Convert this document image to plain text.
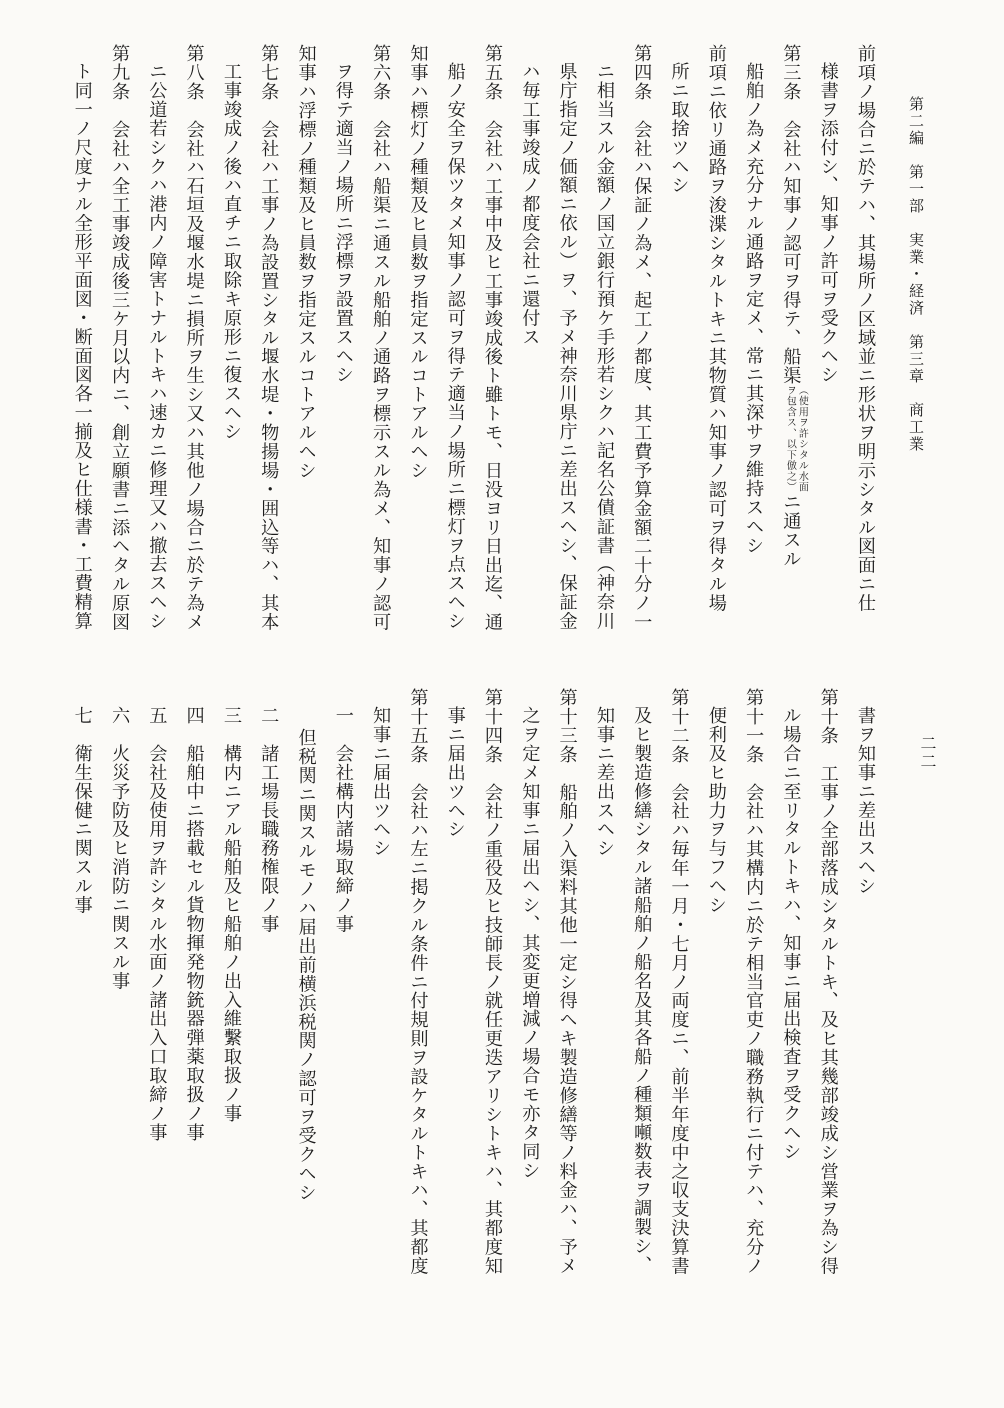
第二編　第一部　実業・経済　第三章　商工業
二二
前項ノ場合ニ於テハ、其場所ノ区域並ニ形状ヲ明示シタル図面ニ仕
様書ヲ添付シ、知事ノ許可ヲ受クヘシ
第三条　会社ハ知事ノ認可ヲ得テ、船渠
（使用ヲ許シタル水面
ヲ包含ス、以下倣之）
ニ通スル
船舶ノ為メ充分ナル通路ヲ定メ、常ニ其深サヲ維持スヘシ
前項ニ依リ通路ヲ浚渫シタルトキニ其物質ハ知事ノ認可ヲ得タル場
所ニ取捨ツヘシ
第四条　会社ハ保証ノ為メ、起工ノ都度、其工費予算金額二十分ノ一
ニ相当スル金額ノ国立銀行預ケ手形若シクハ記名公債証書（神奈川
県庁指定ノ価額ニ依ル）ヲ、予メ神奈川県庁ニ差出スヘシ、保証金
ハ毎工事竣成ノ都度会社ニ還付ス
第五条　会社ハ工事中及ヒ工事竣成後ト雖トモ、日没ヨリ日出迄、通
船ノ安全ヲ保ツタメ知事ノ認可ヲ得テ適当ノ場所ニ標灯ヲ点スヘシ
知事ハ標灯ノ種類及ヒ員数ヲ指定スルコトアルヘシ
第六条　会社ハ船渠ニ通スル船舶ノ通路ヲ標示スル為メ、知事ノ認可
ヲ得テ適当ノ場所ニ浮標ヲ設置スヘシ
知事ハ浮標ノ種類及ヒ員数ヲ指定スルコトアルヘシ
第七条　会社ハ工事ノ為設置シタル堰水堤・物揚場・囲込等ハ、其本
工事竣成ノ後ハ直チニ取除キ原形ニ復スヘシ
第八条　会社ハ石垣及堰水堤ニ損所ヲ生シ又ハ其他ノ場合ニ於テ為メ
ニ公道若シクハ港内ノ障害トナルトキハ速カニ修理又ハ撤去スヘシ
第九条　会社ハ全工事竣成後三ケ月以内ニ、創立願書ニ添ヘタル原図
ト同一ノ尺度ナル全形平面図・断面図各一揃及ヒ仕様書・工費精算
書ヲ知事ニ差出スヘシ
第十条　工事ノ全部落成シタルトキ、及ヒ其幾部竣成シ営業ヲ為シ得
ル場合ニ至リタルトキハ、知事ニ届出検査ヲ受クヘシ
第十一条　会社ハ其構内ニ於テ相当官吏ノ職務執行ニ付テハ、充分ノ
便利及ヒ助力ヲ与フヘシ
第十二条　会社ハ毎年一月・七月ノ両度ニ、前半年度中之収支決算書
及ヒ製造修繕シタル諸船舶ノ船名及其各船ノ種類噸数表ヲ調製シ、
知事ニ差出スヘシ
第十三条　船舶ノ入渠料其他一定シ得ヘキ製造修繕等ノ料金ハ、予メ
之ヲ定メ知事ニ届出ヘシ、其変更増減ノ場合モ亦タ同シ
第十四条　会社ノ重役及ヒ技師長ノ就任更迭アリシトキハ、其都度知
事ニ届出ツヘシ
第十五条　会社ハ左ニ掲クル条件ニ付規則ヲ設ケタルトキハ、其都度
知事ニ届出ツヘシ
一　会社構内諸場取締ノ事
但税関ニ関スルモノハ届出前横浜税関ノ認可ヲ受クヘシ
二　諸工場長職務権限ノ事
三　構内ニアル船舶及ヒ船舶ノ出入維繫取扱ノ事
四　船舶中ニ搭載セル貨物揮発物銃器弾薬取扱ノ事
五　会社及使用ヲ許シタル水面ノ諸出入口取締ノ事
六　火災予防及ヒ消防ニ関スル事
七　衛生保健ニ関スル事
